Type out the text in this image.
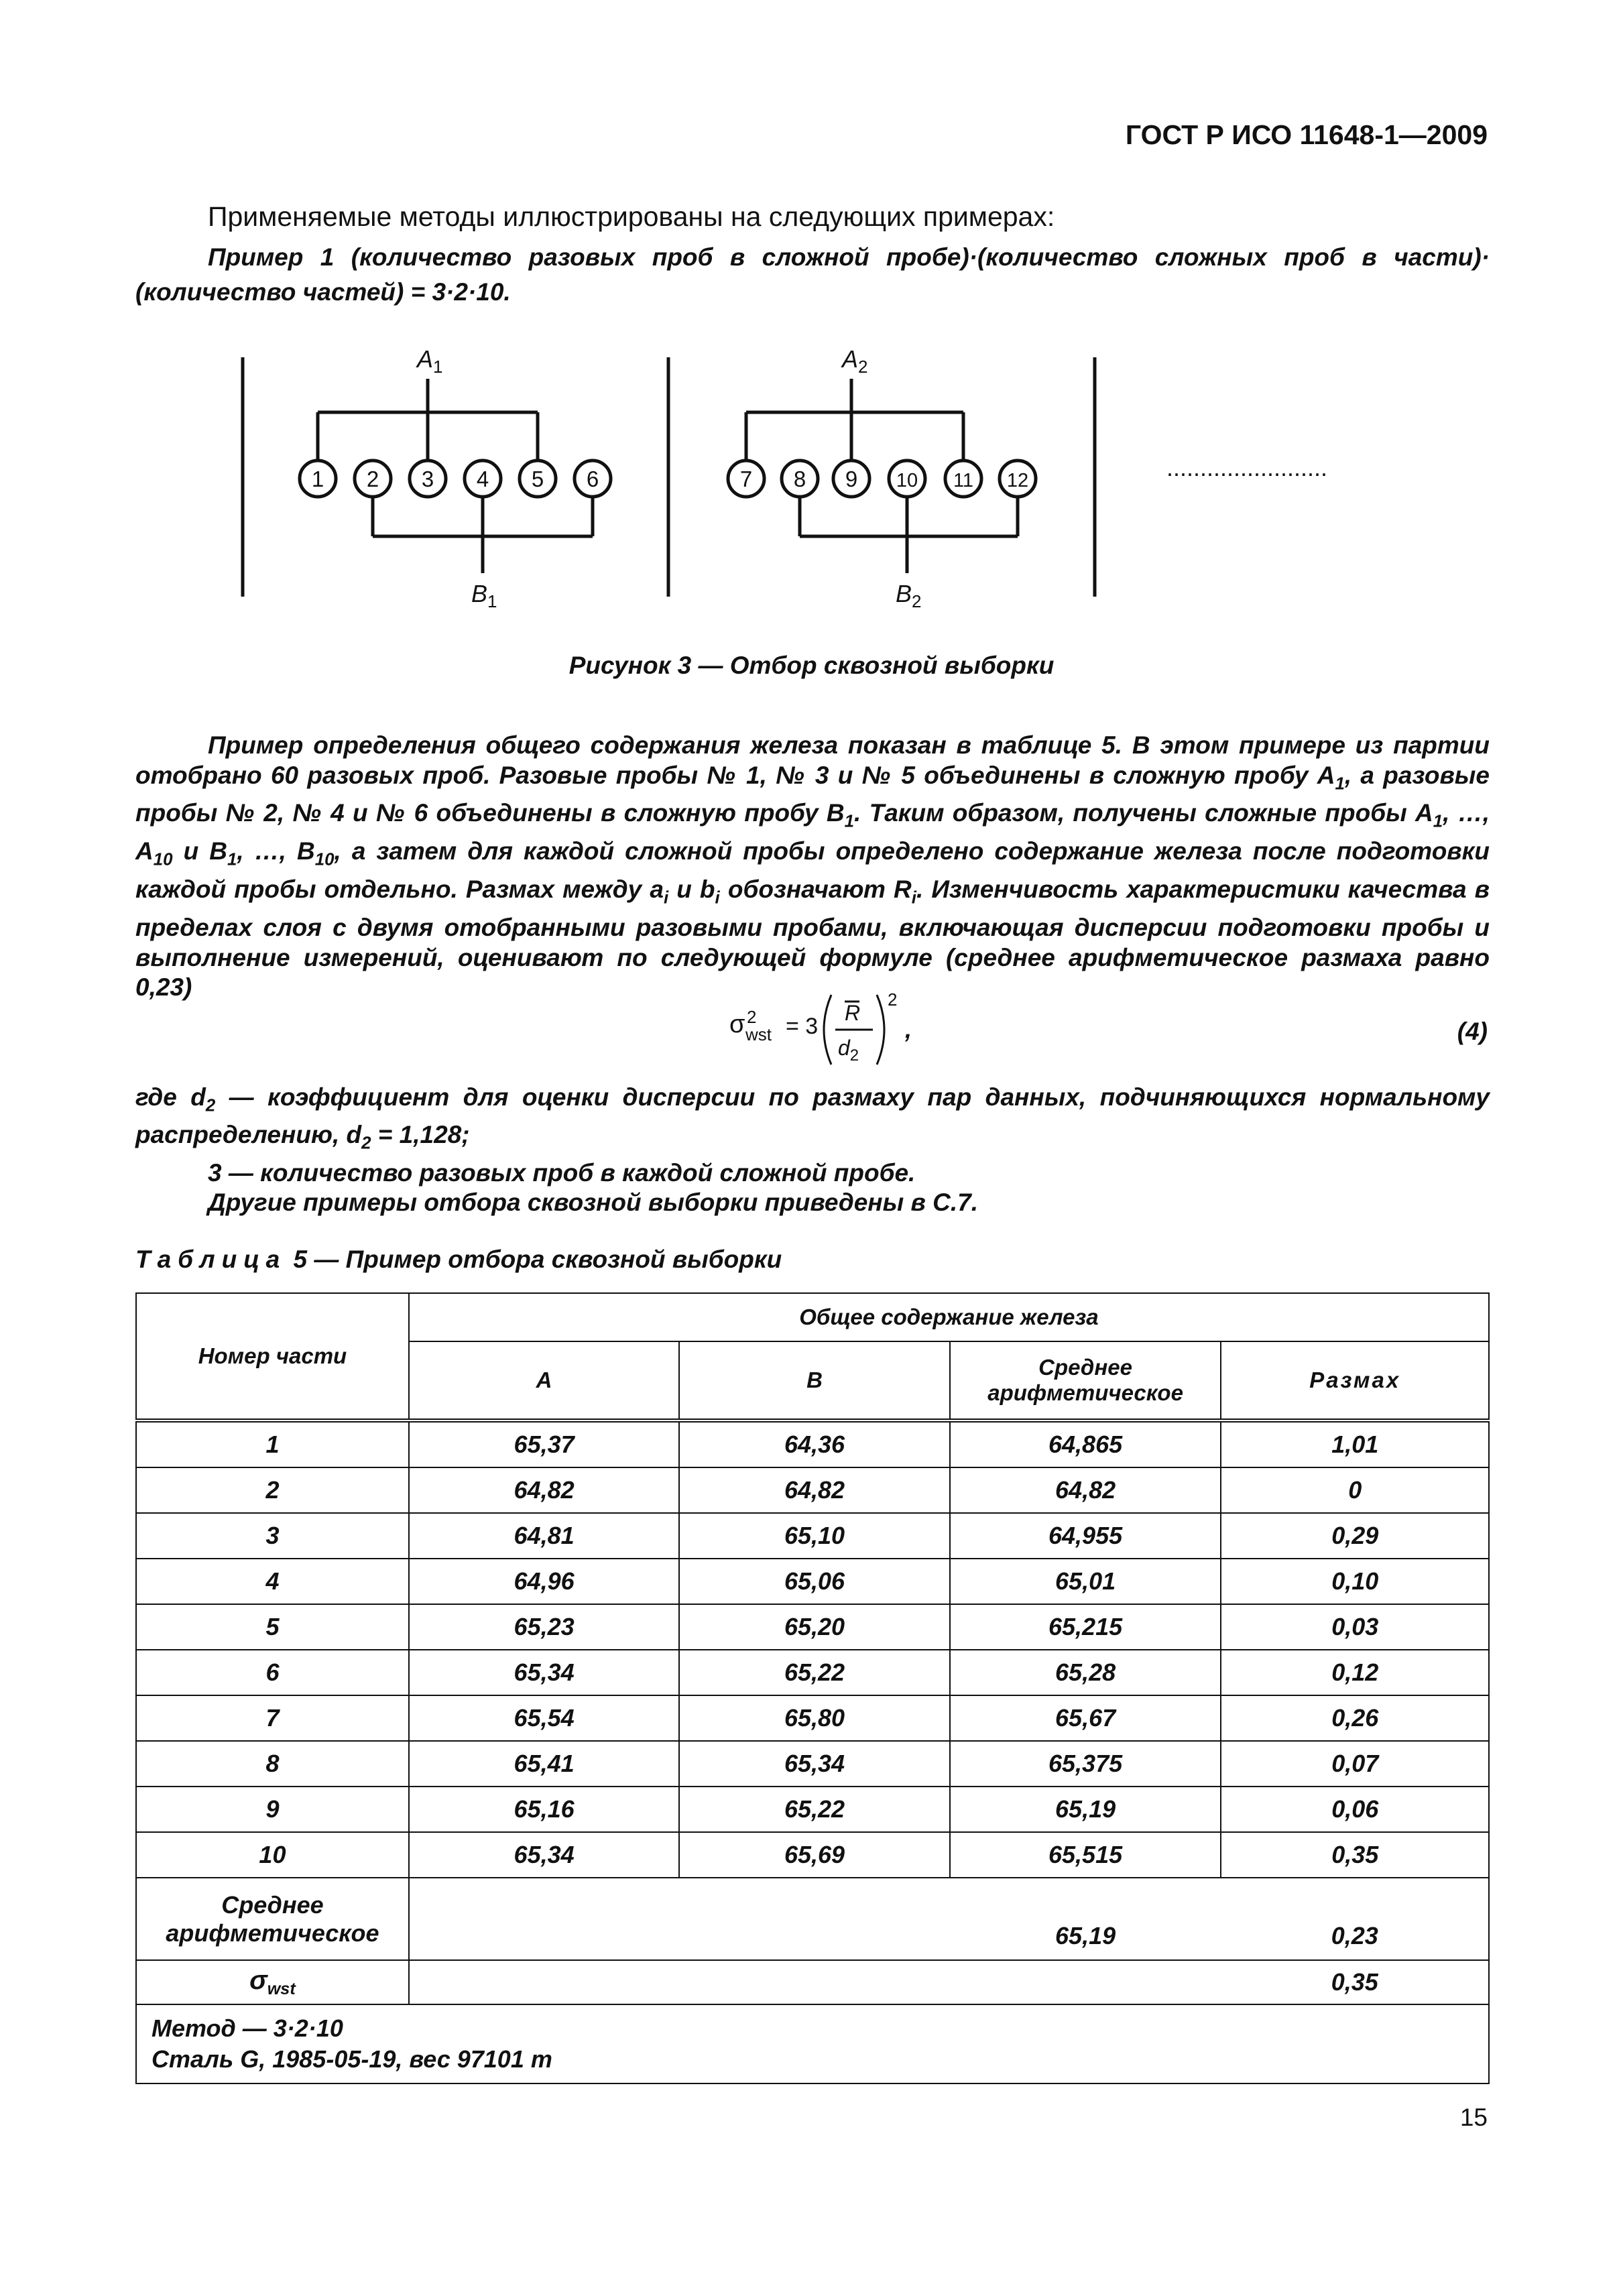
ГОСТ Р ИСО 11648-1—2009
Применяемые методы иллюстрированы на следующих примерах:
Пример 1 (количество разовых проб в сложной пробе)·(количество сложных проб в части)· (количество частей) = 3·2·10.
1 2 3 4 5 6	7 8 9 10 11 12
$A_1$	$A_2$
$B_1$	$B_2$
........................
Рисунок 3 — Отбор сквозной выборки
Пример определения общего содержания железа показан в таблице 5. В этом примере из партии отобрано 60 разовых проб. Разовые пробы № 1, № 3 и № 5 объединены в сложную пробу $A_1$, а разовые пробы № 2, № 4 и № 6 объединены в сложную пробу $B_1$. Таким образом, получены сложные пробы $A_1$, …, $A_{10}$ и $B_1$, …, $B_{10}$, а затем для каждой сложной пробы определено содержание железа после подготовки каждой пробы отдельно. Размах между $a_i$ и $b_i$ обозначают $R_i$. Изменчивость характеристики качества в пределах слоя с двумя отобранными разовыми пробами, включающая дисперсии подготовки пробы и выполнение измерений, оценивают по следующей формуле (среднее арифметическое размаха равно 0,23)
σ 2
wst = 3
R
$d_2$
2
,	(4)

где $d_2$ — коэффициент для оценки дисперсии по размаху пар данных, подчиняющихся нормальному распределению, $d_2 = 1,128$;

3 — количество разовых проб в каждой сложной пробе.

Другие примеры отбора сквозной выборки приведены в С.7.

Таблица 5 — Пример отбора сквозной выборки
Номер части	Общее содержание железа			
	A	B	Среднее арифметическое	Размах
1	65,37	64,36	64,865	1,01
2	64,82	64,82	64,82	0
3	64,81	65,10	64,955	0,29
4	64,96	65,06	65,01	0,10
5	65,23	65,20	65,215	0,03
6	65,34	65,22	65,28	0,12
7	65,54	65,80	65,67	0,26
8	65,41	65,34	65,375	0,07
9	65,16	65,22	65,19	0,06
10	65,34	65,69	65,515	0,35
Среднее арифметическое			65,19	0,23
$\sigma_{wst}$				0,35

Метод — 3·2·10
Сталь G, 1985-05-19, вес 97101 т				
15
